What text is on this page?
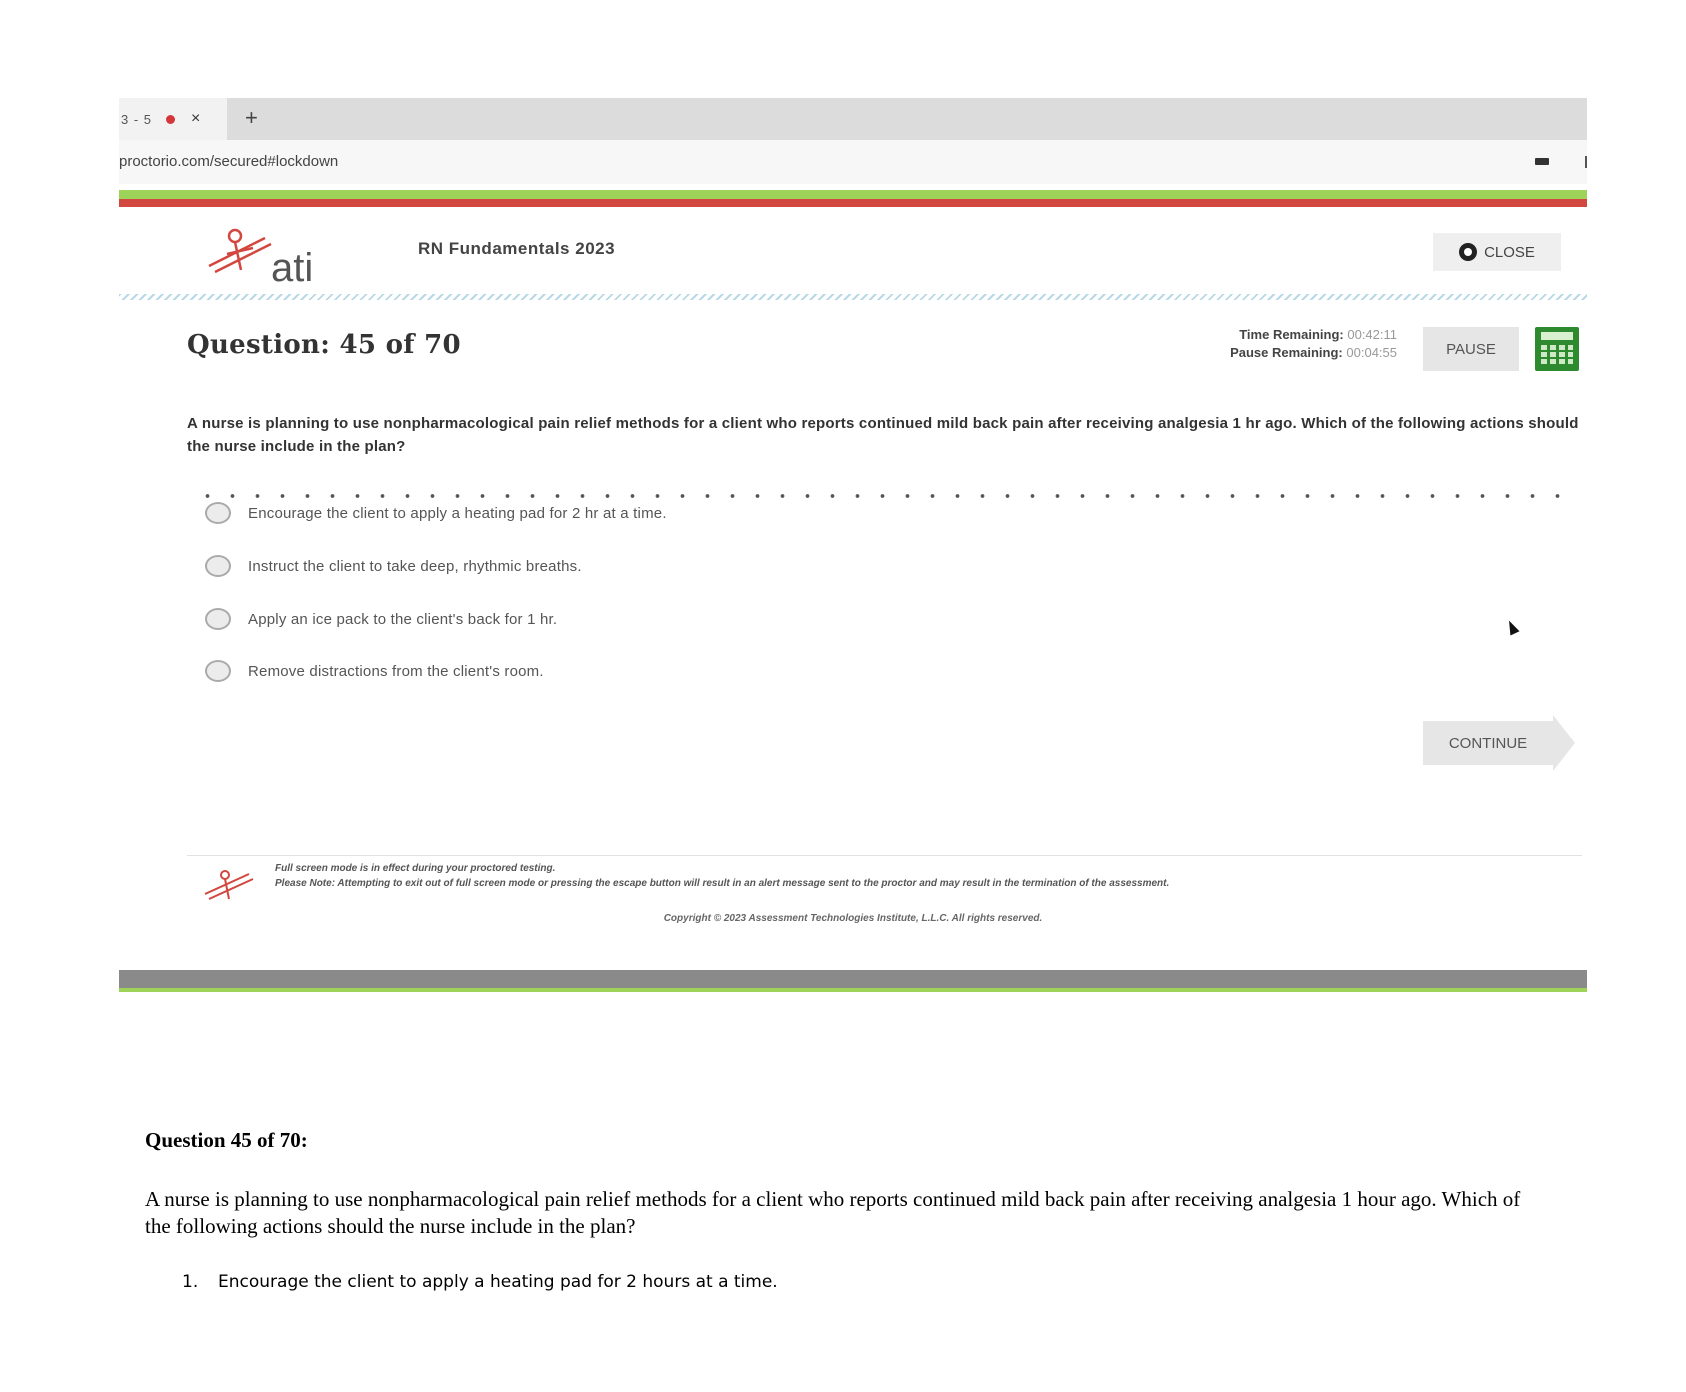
3 - 5 × +
proctorio.com/secured#lockdown
ati	RN Fundamentals 2023	CLOSE
Question: 45 of 70	Time Remaining: 00:42:11
Pause Remaining: 00:04:55	PAUSE
A nurse is planning to use nonpharmacological pain relief methods for a client who reports continued mild back pain after receiving analgesia 1 hr ago. Which of the following actions should the nurse include in the plan?
Encourage the client to apply a heating pad for 2 hr at a time.
Instruct the client to take deep, rhythmic breaths.
Apply an ice pack to the client's back for 1 hr.
Remove distractions from the client's room.
CONTINUE
Full screen mode is in effect during your proctored testing.
Please Note: Attempting to exit out of full screen mode or pressing the escape button will result in an alert message sent to the proctor and may result in the termination of the assessment.
Copyright © 2023 Assessment Technologies Institute, L.L.C. All rights reserved.
Question 45 of 70:
A nurse is planning to use nonpharmacological pain relief methods for a client who reports continued mild back pain after receiving analgesia 1 hour ago. Which of the following actions should the nurse include in the plan?
1. Encourage the client to apply a heating pad for 2 hours at a time.
